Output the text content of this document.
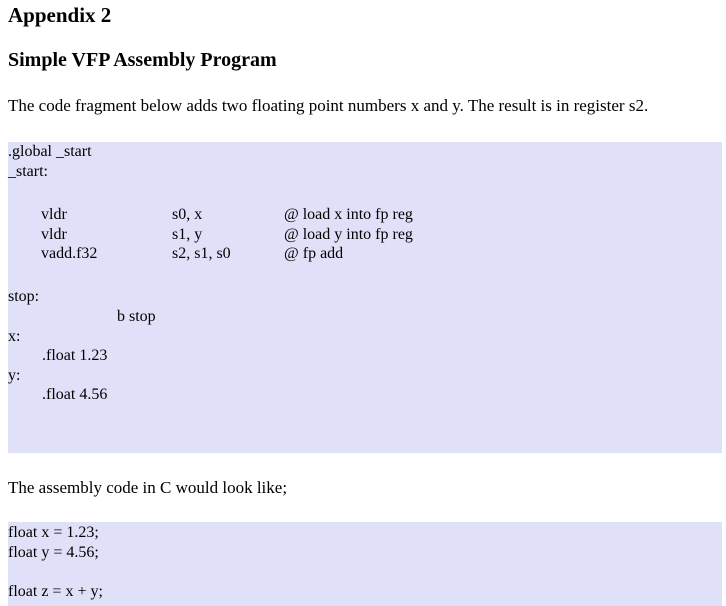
Appendix 2
Simple VFP Assembly Program
The code fragment below adds two floating point numbers x and y. The result is in register s2.
.global _start
_start:
vldr	s0, x	@ load x into fp reg
vldr	s1, y	@ load y into fp reg
vadd.f32	s2, s1, s0	@ fp add
stop:
b stop
x:
.float 1.23
y:
.float 4.56
The assembly code in C would look like;
float x = 1.23;
float y = 4.56;
float z = x + y;
